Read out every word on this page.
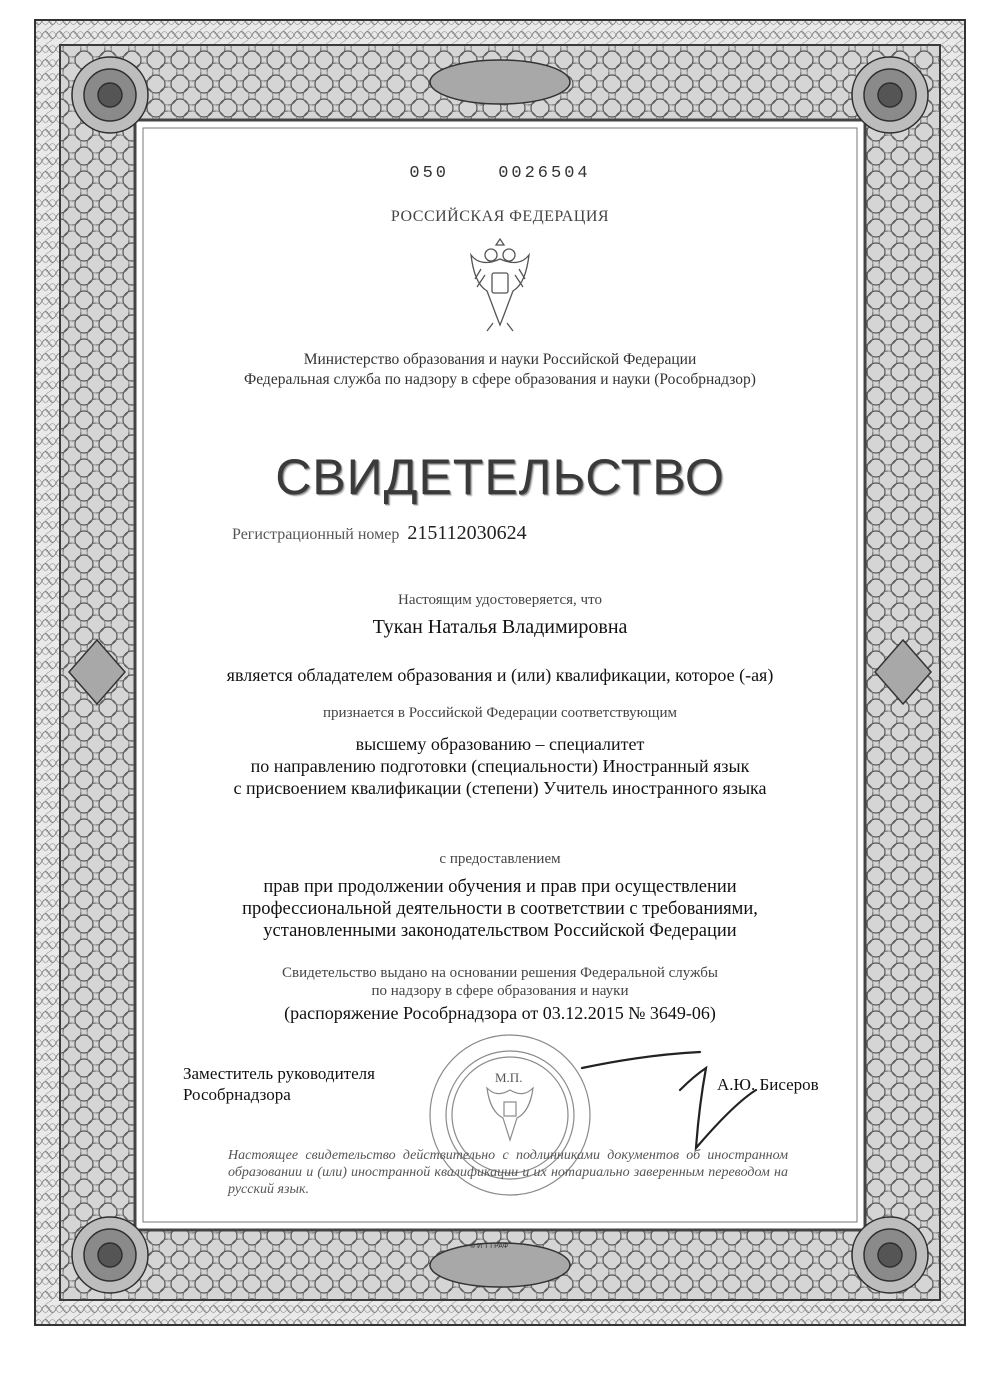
050	0026504
РОССИЙСКАЯ ФЕДЕРАЦИЯ
Министерство образования и науки Российской Федерации
Федеральная служба по надзору в сфере образования и науки (Рособрнадзор)
СВИДЕТЕЛЬСТВО
Регистрационный номер 215112030624
Настоящим удостоверяется, что
Тукан Наталья Владимировна
является обладателем образования и (или) квалификации, которое (-ая)
признается в Российской Федерации соответствующим
высшему образованию – специалитет
по направлению подготовки (специальности) Иностранный язык
с присвоением квалификации (степени) Учитель иностранного языка
с предоставлением
прав при продолжении обучения и прав при осуществлении
профессиональной деятельности в соответствии с требованиями,
установленными законодательством Российской Федерации
Свидетельство выдано на основании решения Федеральной службы
по надзору в сфере образования и науки
(распоряжение Рособрнадзора от 03.12.2015 № 3649-06)
Заместитель руководителя
Рособрнадзора
М.П.	А.Ю. Бисеров
Настоящее свидетельство действительно с подлинниками документов об иностранном образовании и (или) иностранной квалификации и их нотариально заверенным переводом на русский язык.
© И Т ГРАФ
